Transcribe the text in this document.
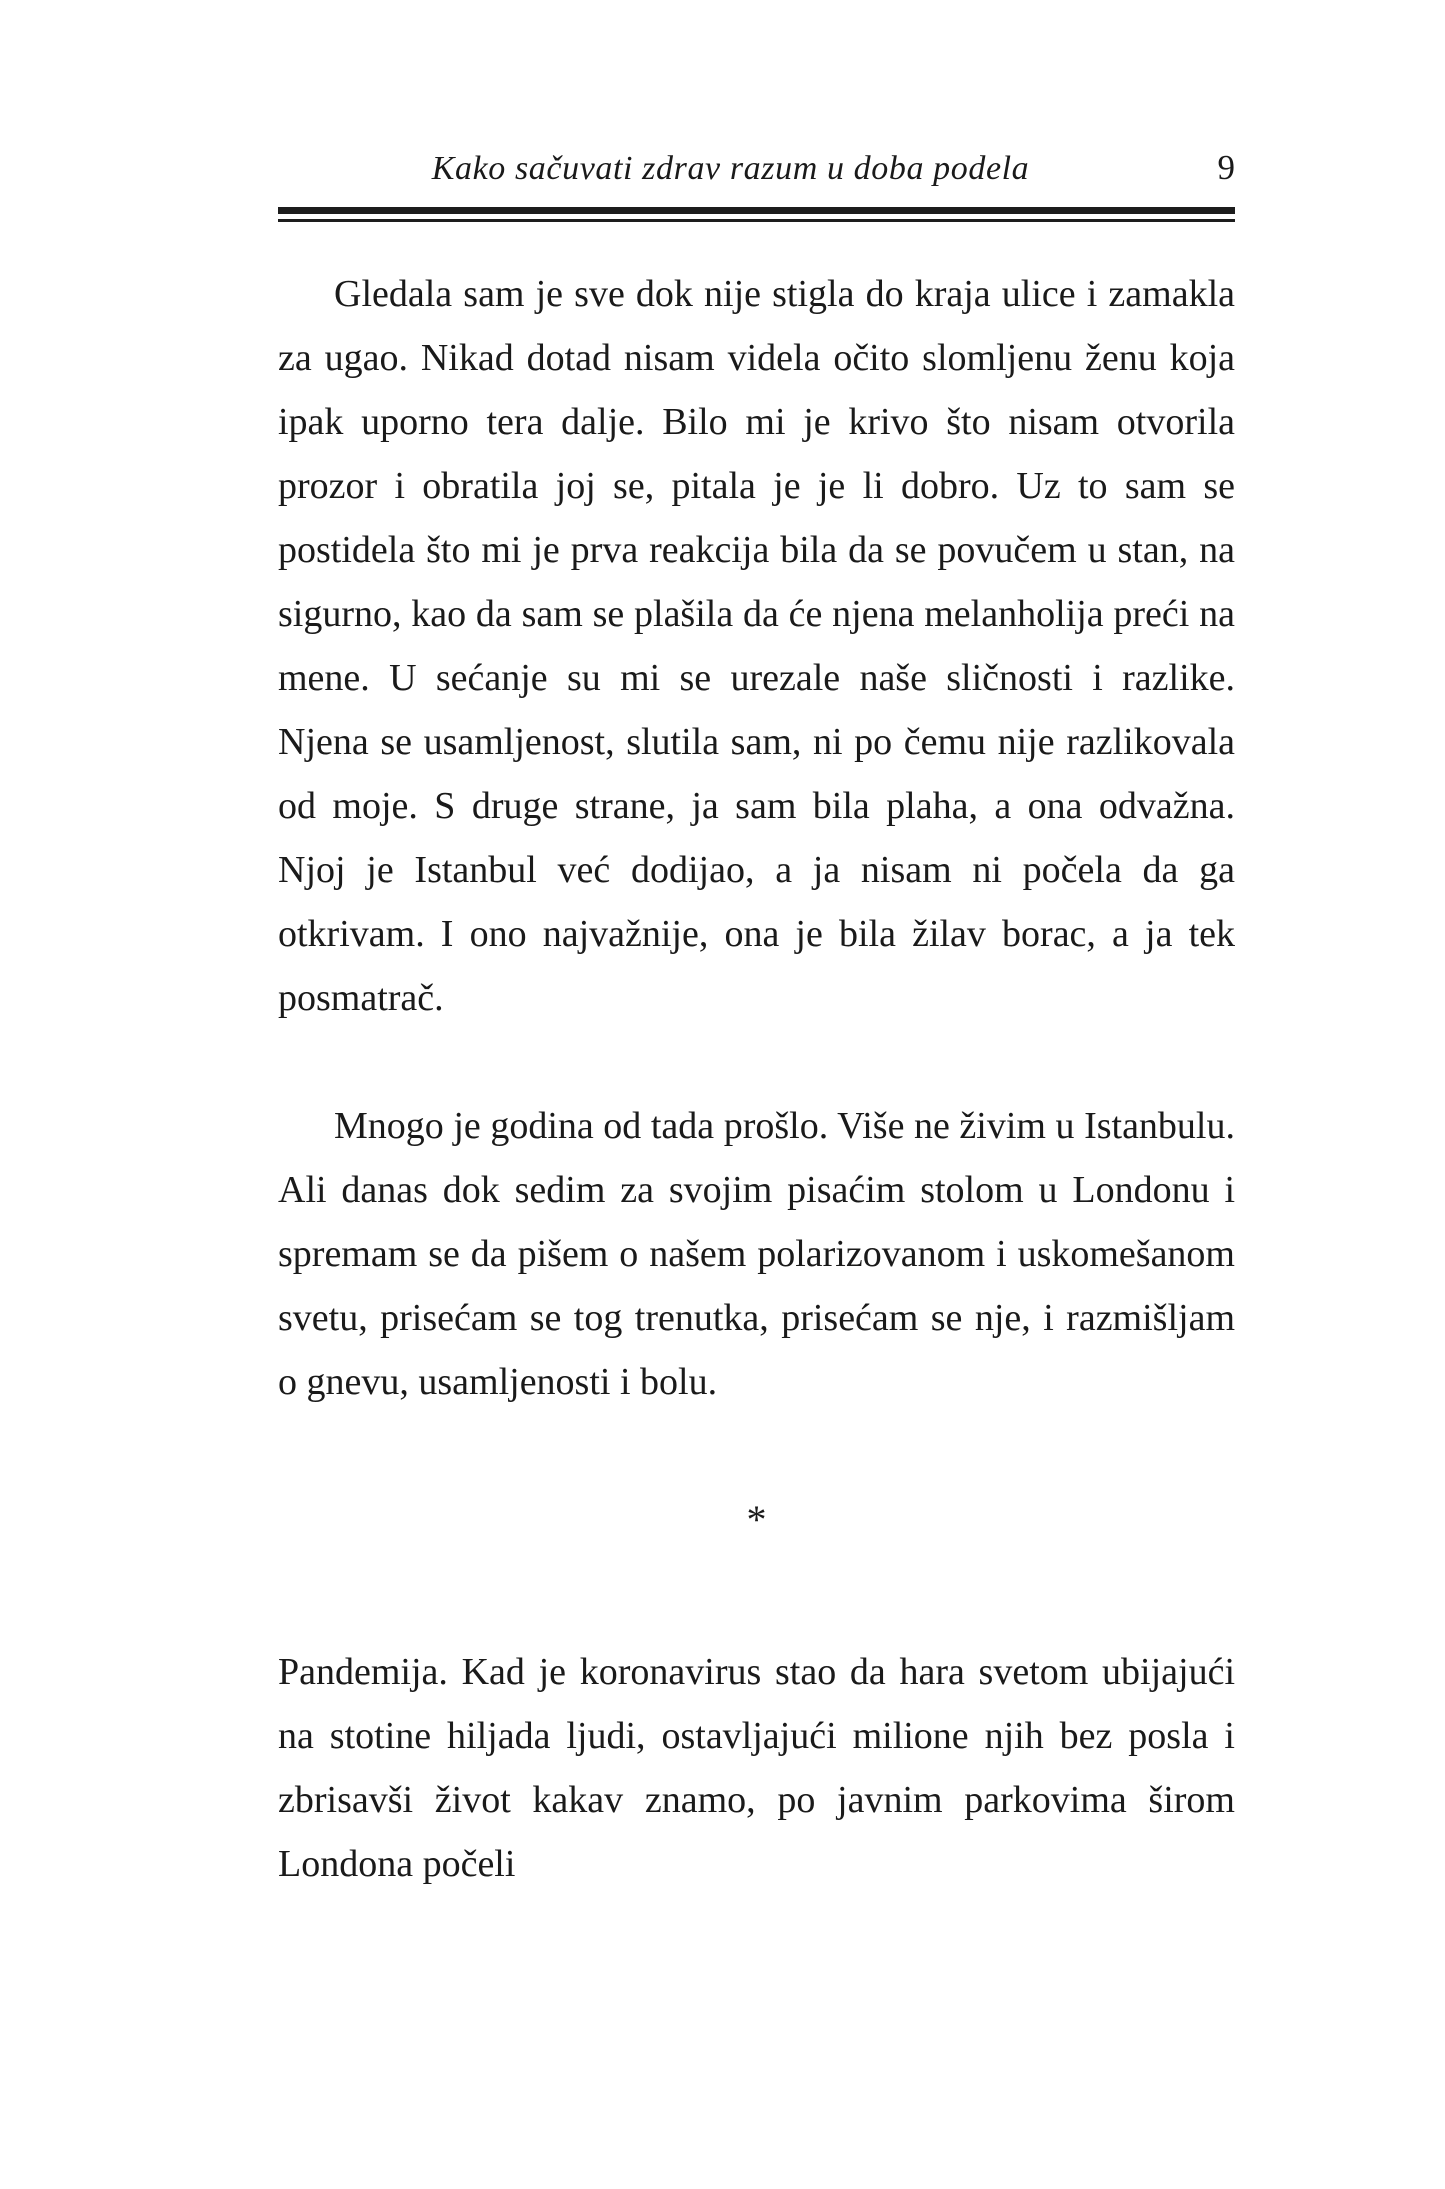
Kako sačuvati zdrav razum u doba podela	9

Gledala sam je sve dok nije stigla do kraja ulice i zamakla za ugao. Nikad dotad nisam videla očito slomljenu ženu koja ipak uporno tera dalje. Bilo mi je krivo što nisam otvorila prozor i obratila joj se, pitala je je li dobro. Uz to sam se postidela što mi je prva reakcija bila da se povučem u stan, na sigurno, kao da sam se plašila da će njena melanholija preći na mene. U sećanje su mi se urezale naše sličnosti i razlike. Njena se usamljenost, slutila sam, ni po čemu nije razlikovala od moje. S druge strane, ja sam bila plaha, a ona odvažna. Njoj je Istanbul već dodijao, a ja nisam ni počela da ga otkrivam. I ono najvažnije, ona je bila žilav borac, a ja tek posmatrač.

Mnogo je godina od tada prošlo. Više ne živim u Istanbulu. Ali danas dok sedim za svojim pisaćim stolom u Londonu i spremam se da pišem o našem polarizovanom i uskomešanom svetu, prisećam se tog trenutka, prisećam se nje, i razmišljam o gnevu, usamljenosti i bolu.

*

Pandemija. Kad je koronavirus stao da hara svetom ubijajući na stotine hiljada ljudi, ostavljajući milione njih bez posla i zbrisavši život kakav znamo, po javnim parkovima širom Londona počeli
